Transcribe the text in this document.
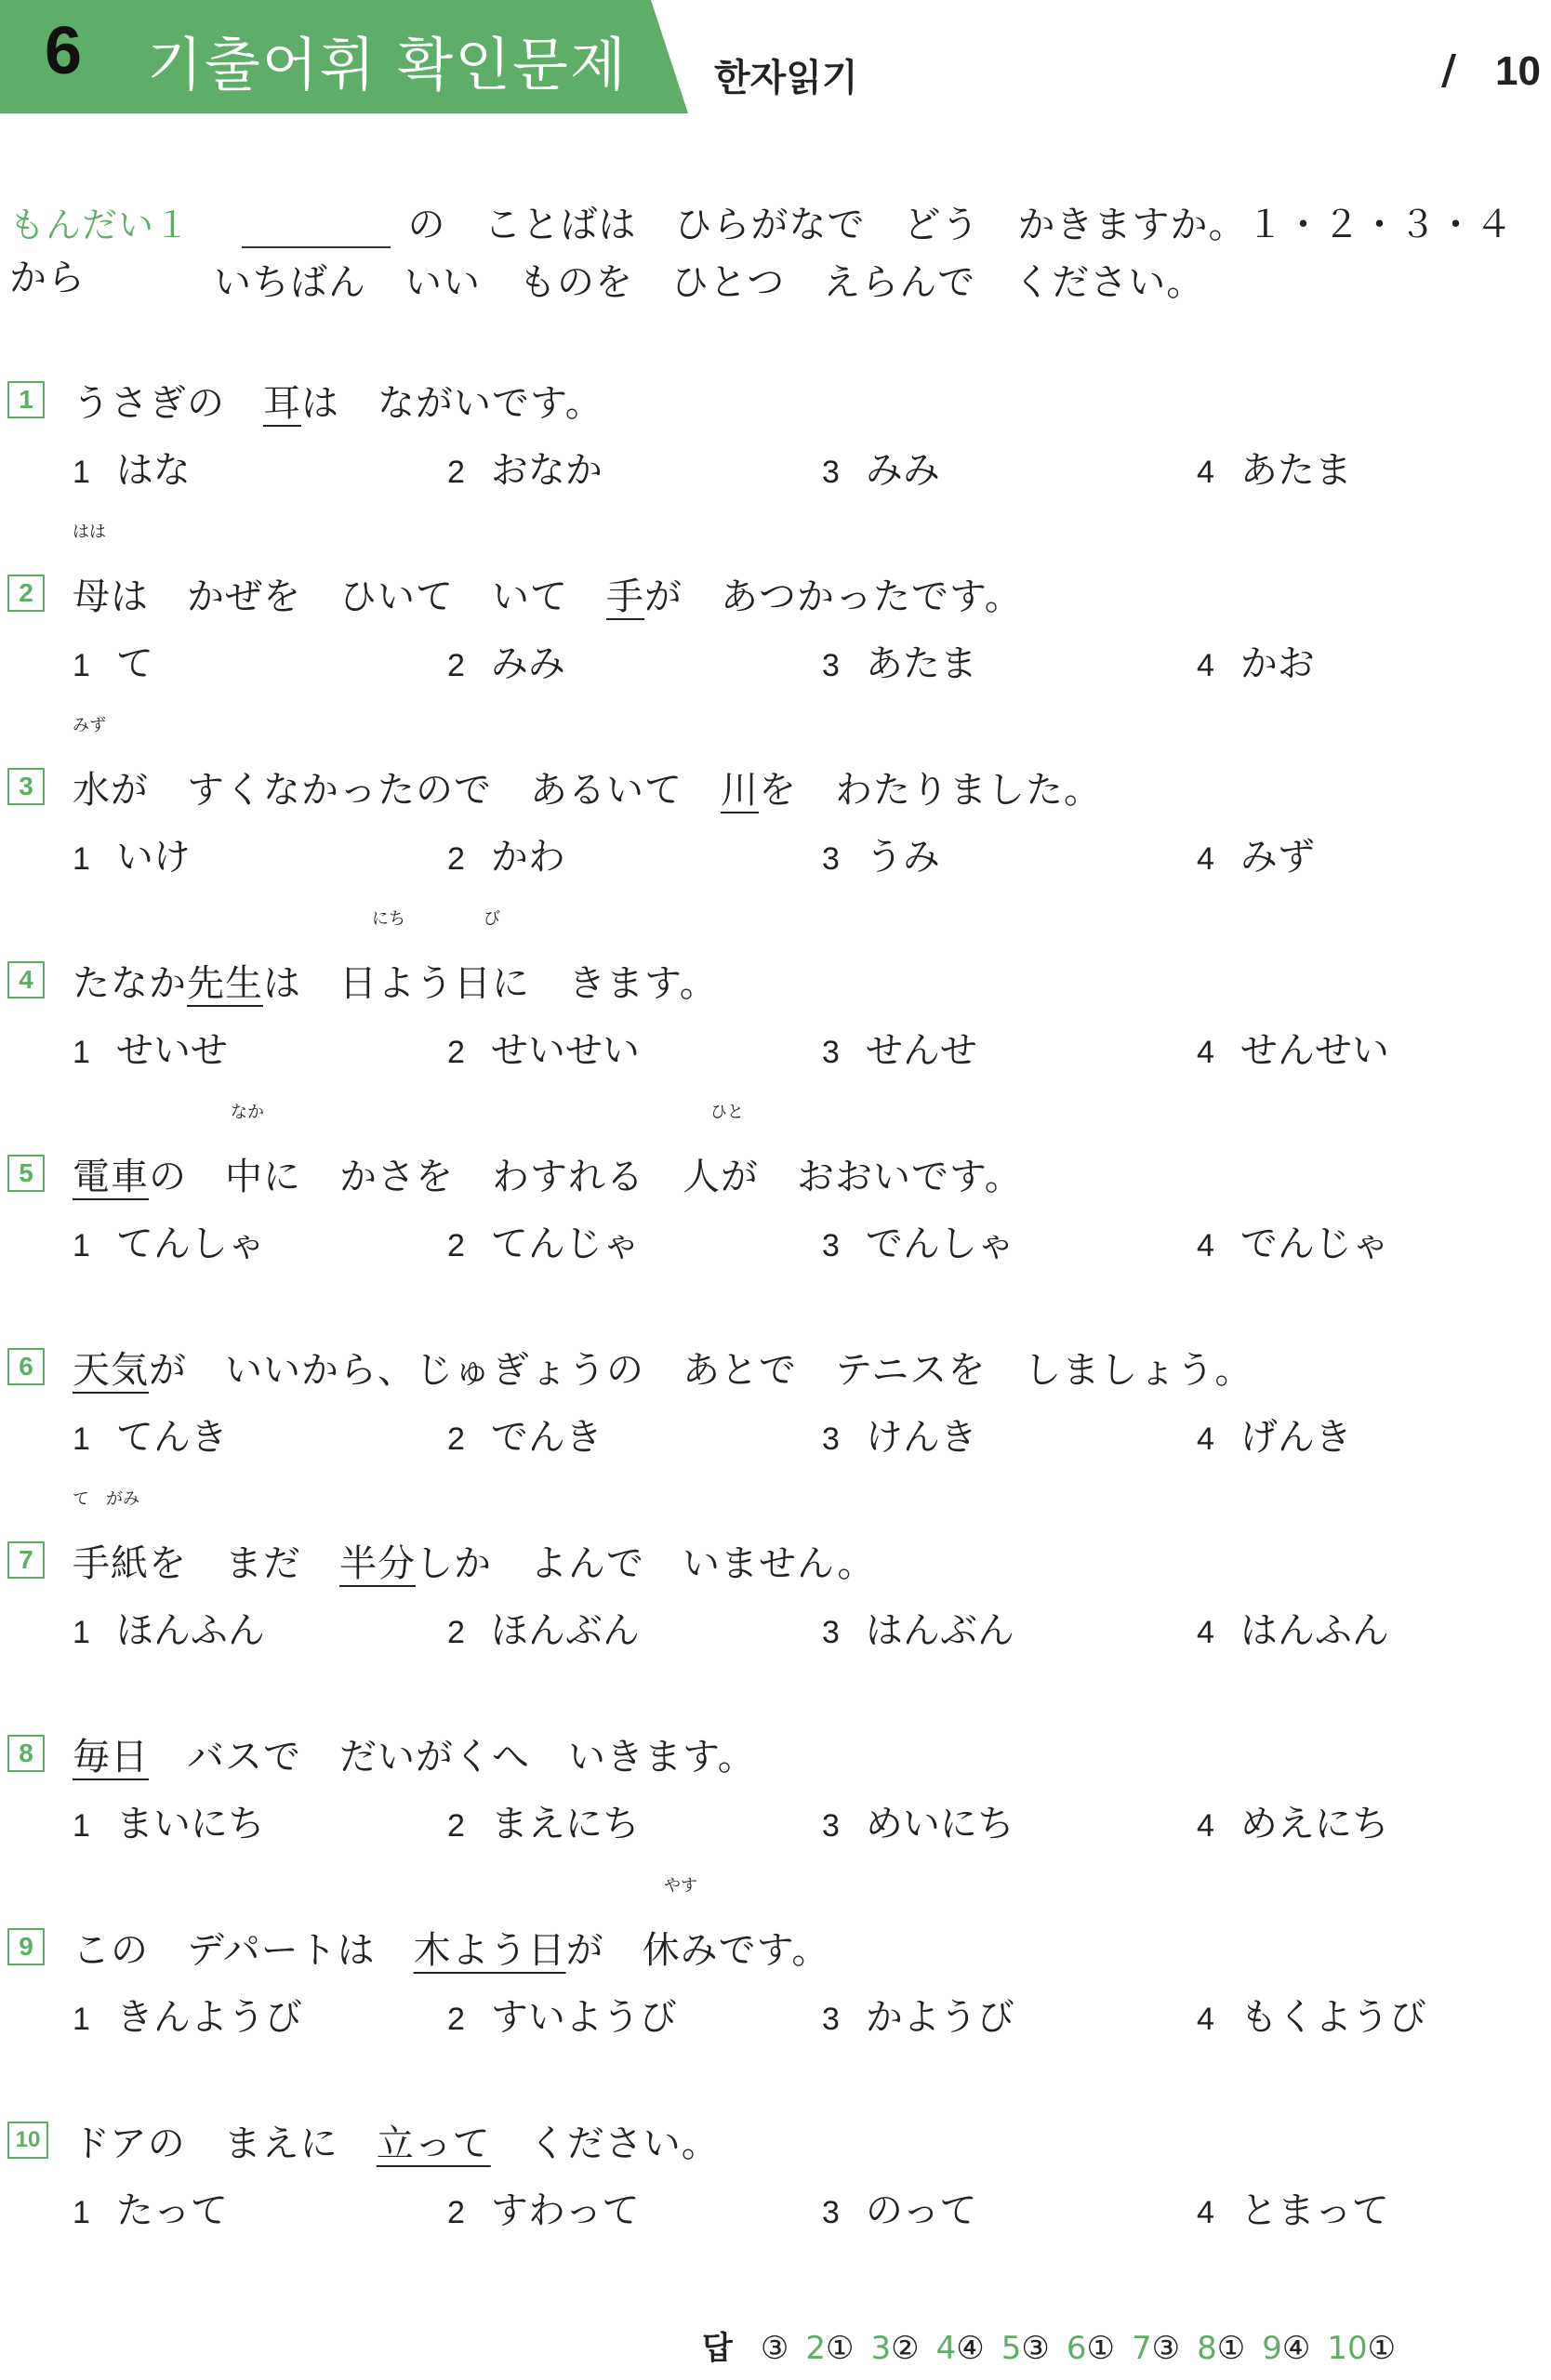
6 기출어휘 확인문제 한자읽기	/ 10
もんだい１	の　ことばは　ひらがなで　どう　かきますか。１・２・３・４から	いちばん　いい　ものを　ひとつ　えらんで　ください。
1	うさぎの　耳は　ながいです。
1 はな	2 おなか	3 みみ	4 あたま
2	母は　かぜを　ひいて　いて　手が　あつかったです。
はは
1 て	2 みみ	3 あたま	4 かお
3	水が　すくなかったので　あるいて　川を　わたりました。
みず
1 いけ	2 かわ	3 うみ	4 みず
4	たなか先生は　日よう日に　きます。
にち	び
1 せいせ	2 せいせい	3 せんせ	4 せんせい
5	電車の　中に　かさを　わすれる　人が　おおいです。
なか	ひと
1 てんしゃ	2 てんじゃ	3 でんしゃ	4 でんじゃ
6	天気が　いいから、じゅぎょうの　あとで　テニスを　しましょう。
1 てんき	2 でんき	3 けんき	4 げんき
7	手紙を　まだ　半分しか　よんで　いません。
て がみ
1 ほんふん	2 ほんぶん	3 はんぶん	4 はんふん
8	毎日　バスで　だいがくへ　いきます。
1 まいにち	2 まえにち	3 めいにち	4 めえにち
9	この　デパートは　木よう日が　休みです。
やす
1 きんようび	2 すいようび	3 かようび	4 もくようび
10 ドアの　まえに　立って　ください。
1 たって	2 すわって	3 のって	4 とまって
답 ③ 2① 3② 4④ 5③ 6① 7③ 8① 9④ 10①
